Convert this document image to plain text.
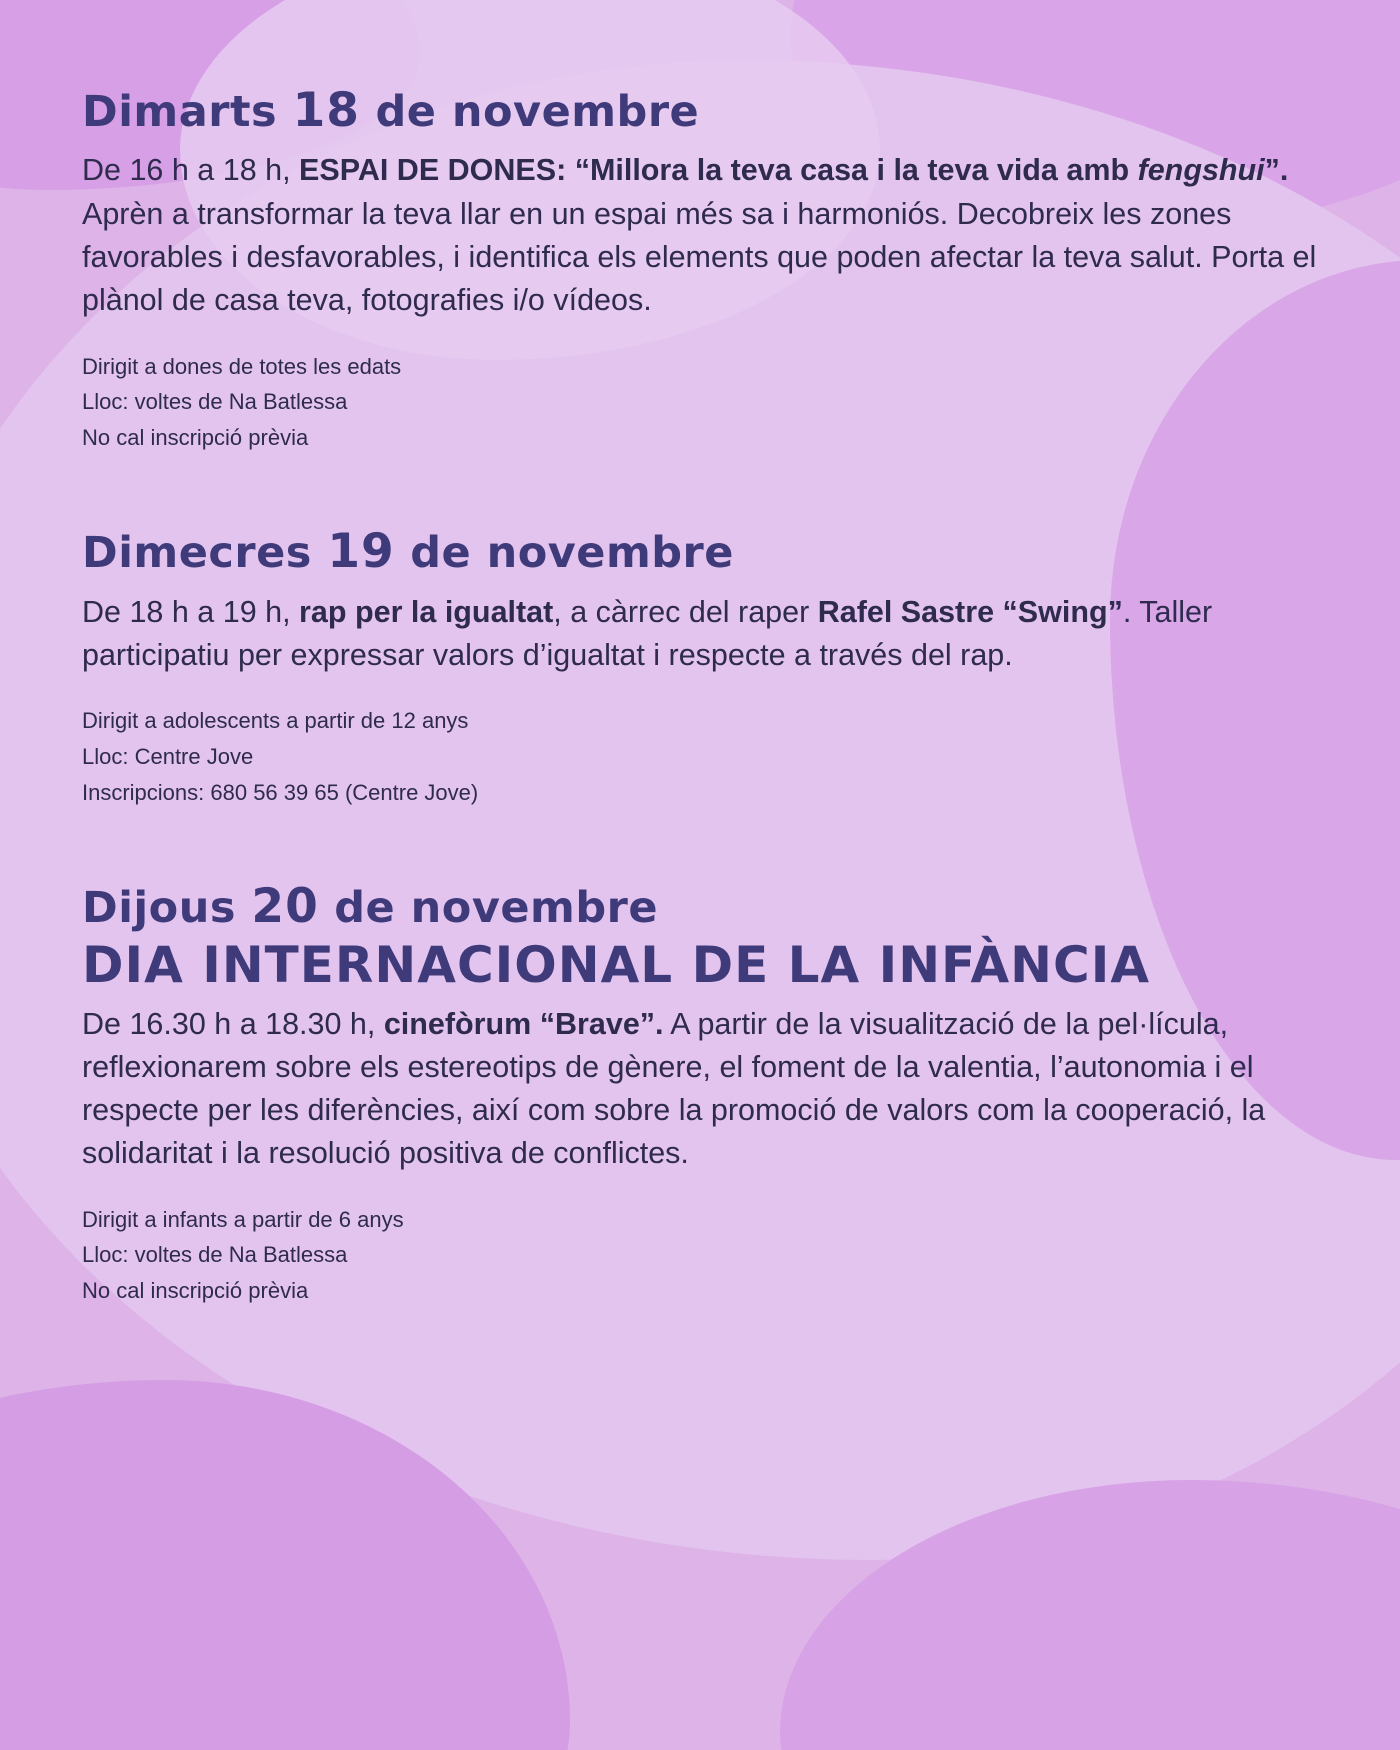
Dimarts 18 de novembre

De 16 h a 18 h, ESPAI DE DONES: “Millora la teva casa i la teva vida amb fengshui”. Aprèn a transformar la teva llar en un espai més sa i harmoniós. Decobreix les zones favorables i desfavorables, i identifica els elements que poden afectar la teva salut. Porta el plànol de casa teva, fotografies i/o vídeos.

Dirigit a dones de totes les edats
Lloc: voltes de Na Batlessa
No cal inscripció prèvia
Dimecres 19 de novembre

De 18 h a 19 h, rap per la igualtat, a càrrec del raper Rafel Sastre “Swing”. Taller participatiu per expressar valors d’igualtat i respecte a través del rap.

Dirigit a adolescents a partir de 12 anys
Lloc: Centre Jove
Inscripcions: 680 56 39 65 (Centre Jove)
Dijous 20 de novembre
DIA INTERNACIONAL DE LA INFÀNCIA

De 16.30 h a 18.30 h, cinefòrum “Brave”. A partir de la visualització de la pel·lícula, reflexionarem sobre els estereotips de gènere, el foment de la valentia, l’autonomia i el respecte per les diferències, així com sobre la promoció de valors com la cooperació, la solidaritat i la resolució positiva de conflictes.

Dirigit a infants a partir de 6 anys
Lloc: voltes de Na Batlessa
No cal inscripció prèvia
